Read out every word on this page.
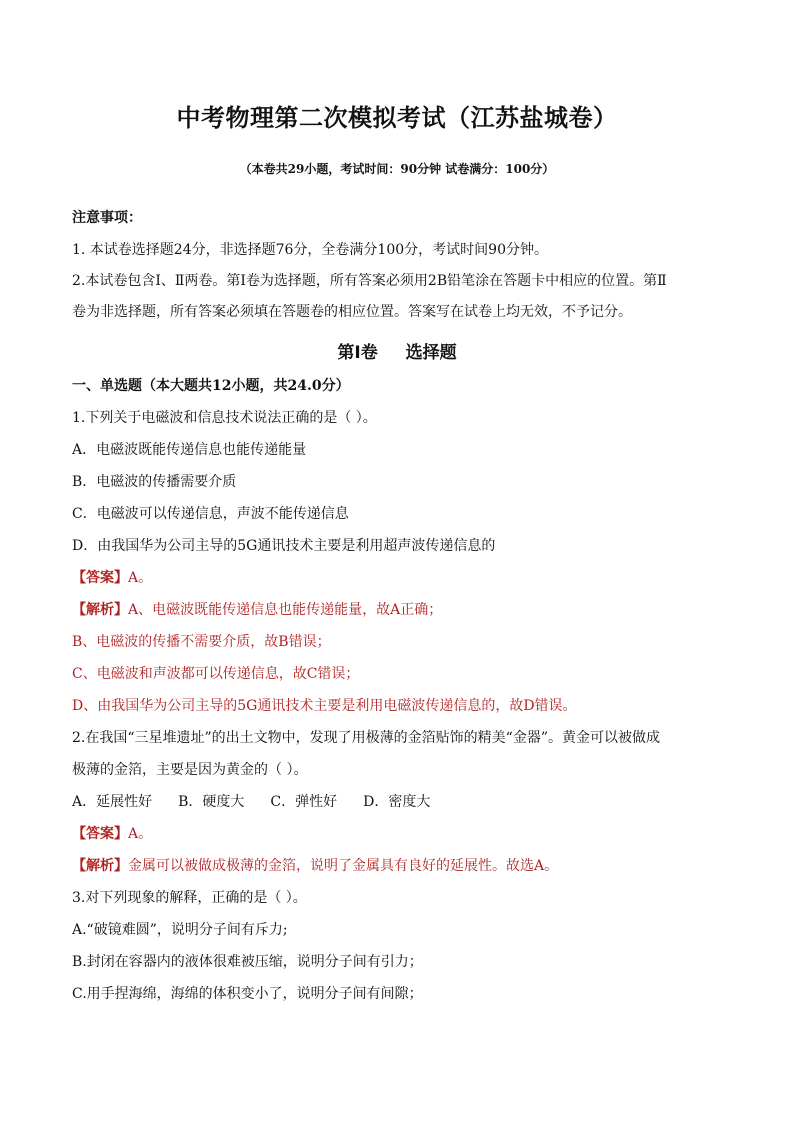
中考物理第二次模拟考试（江苏盐城卷）
（本卷共29小题，考试时间：90分钟 试卷满分：100分）
注意事项：
1. 本试卷选择题24分，非选择题76分，全卷满分100分，考试时间90分钟。
2.本试卷包含Ⅰ、Ⅱ两卷。第Ⅰ卷为选择题，所有答案必须用2B铅笔涂在答题卡中相应的位置。第Ⅱ
卷为非选择题，所有答案必须填在答题卷的相应位置。答案写在试卷上均无效，不予记分。
第Ⅰ卷 选择题
一、单选题（本大题共12小题，共24.0分）
1.下列关于电磁波和信息技术说法正确的是（ ）。
A．电磁波既能传递信息也能传递能量
B．电磁波的传播需要介质
C．电磁波可以传递信息，声波不能传递信息
D．由我国华为公司主导的5G通讯技术主要是利用超声波传递信息的
【答案】A。
【解析】A、电磁波既能传递信息也能传递能量，故A正确；
B、电磁波的传播不需要介质，故B错误；
C、电磁波和声波都可以传递信息，故C错误；
D、由我国华为公司主导的5G通讯技术主要是利用电磁波传递信息的，故D错误。
2.在我国“三星堆遗址”的出土文物中，发现了用极薄的金箔贴饰的精美“金器”。黄金可以被做成
极薄的金箔，主要是因为黄金的（ ）。
A．延展性好 B．硬度大 C．弹性好 D．密度大
【答案】A。
【解析】金属可以被做成极薄的金箔，说明了金属具有良好的延展性。故选A。
3.对下列现象的解释，正确的是（ ）。
A.“破镜难圆”，说明分子间有斥力;
B.封闭在容器内的液体很难被压缩，说明分子间有引力；
C.用手捏海绵，海绵的体积变小了，说明分子间有间隙；
